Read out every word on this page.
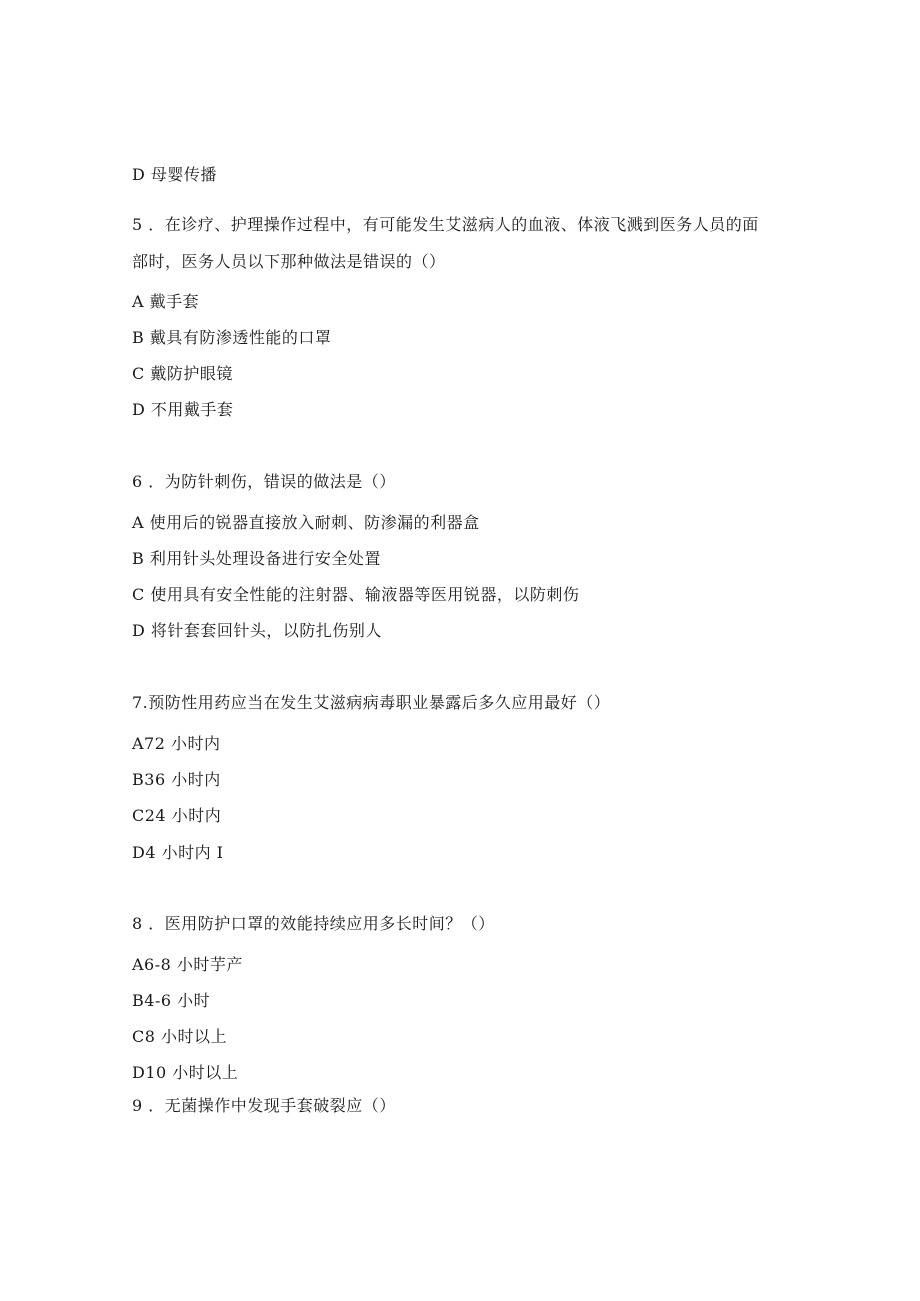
D 母婴传播
5 ．在诊疗、护理操作过程中，有可能发生艾滋病人的血液、体液飞溅到医务人员的面
部时，医务人员以下那种做法是错误的（）
A 戴手套
B 戴具有防渗透性能的口罩
C 戴防护眼镜
D 不用戴手套
6 ．为防针刺伤，错误的做法是（）
A 使用后的锐器直接放入耐刺、防渗漏的利器盒
B 利用针头处理设备进行安全处置
C 使用具有安全性能的注射器、输液器等医用锐器，以防刺伤
D 将针套套回针头，以防扎伤别人
7.预防性用药应当在发生艾滋病病毒职业暴露后多久应用最好（）
A72 小时内
B36 小时内
C24 小时内
D4 小时内 I
8 ．医用防护口罩的效能持续应用多长时间？（）
A6-8 小时芋产
B4-6 小时
C8 小时以上
D10 小时以上
9 ．无菌操作中发现手套破裂应（）
